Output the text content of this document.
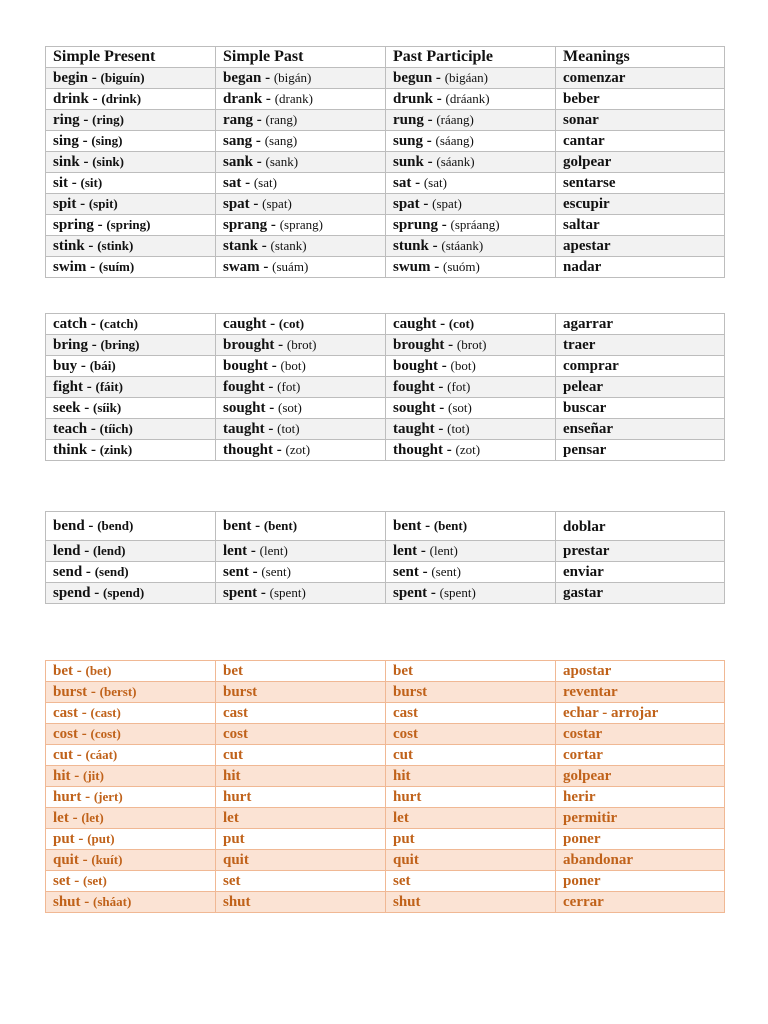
Simple Present	Simple Past	Past Participle	Meanings
begin - (biguín)	began - (bigán)	begun - (bigáan)	comenzar
drink - (drink)	drank - (drank)	drunk - (dráank)	beber
ring - (ring)	rang - (rang)	rung - (ráang)	sonar
sing - (sing)	sang - (sang)	sung - (sáang)	cantar
sink - (sink)	sank - (sank)	sunk - (sáank)	golpear
sit - (sit)	sat - (sat)	sat - (sat)	sentarse
spit - (spit)	spat - (spat)	spat - (spat)	escupir
spring - (spring)	sprang - (sprang)	sprung - (spráang)	saltar
stink - (stink)	stank - (stank)	stunk - (stáank)	apestar
swim - (suím)	swam - (suám)	swum - (suóm)	nadar
catch - (catch)	caught - (cot)	caught - (cot)	agarrar
bring - (bring)	brought - (brot)	brought - (brot)	traer
buy - (bái)	bought - (bot)	bought - (bot)	comprar
fight - (fáit)	fought - (fot)	fought - (fot)	pelear
seek - (síik)	sought - (sot)	sought - (sot)	buscar
teach - (tíich)	taught - (tot)	taught - (tot)	enseñar
think - (zink)	thought - (zot)	thought - (zot)	pensar
bend - (bend)	bent - (bent)	bent - (bent)	doblar
lend - (lend)	lent - (lent)	lent - (lent)	prestar
send - (send)	sent - (sent)	sent - (sent)	enviar
spend - (spend)	spent - (spent)	spent - (spent)	gastar
bet - (bet)	bet	bet	apostar
burst - (berst)	burst	burst	reventar
cast - (cast)	cast	cast	echar - arrojar
cost - (cost)	cost	cost	costar
cut - (cáat)	cut	cut	cortar
hit - (jit)	hit	hit	golpear
hurt - (jert)	hurt	hurt	herir
let - (let)	let	let	permitir
put - (put)	put	put	poner
quit - (kuít)	quit	quit	abandonar
set - (set)	set	set	poner
shut - (sháat)	shut	shut	cerrar
